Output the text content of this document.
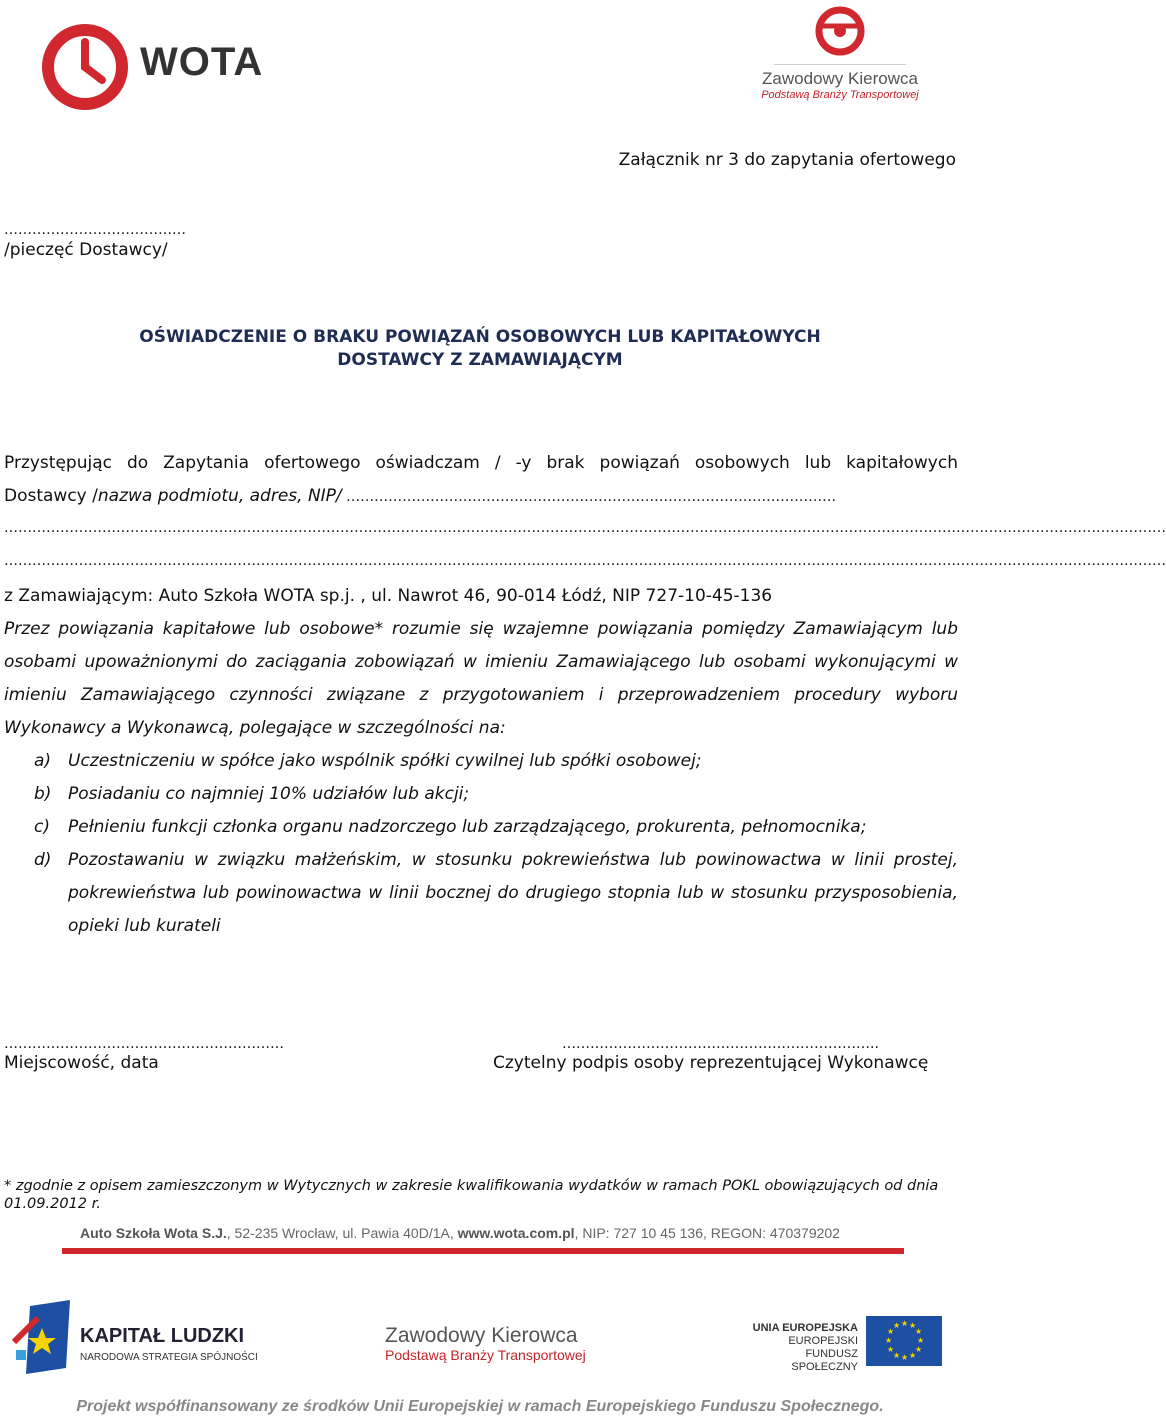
WOTA	Zawodowy Kierowca
Podstawą Branży Transportowej
Załącznik nr 3 do zapytania ofertowego
…………………………………
/pieczęć Dostawcy/
OŚWIADCZENIE O BRAKU POWIĄZAŃ OSOBOWYCH LUB KAPITAŁOWYCH
DOSTAWCY Z ZAMAWIAJĄCYM
Przystępując do Zapytania ofertowego oświadczam / -y brak powiązań osobowych lub kapitałowych
Dostawcy /nazwa podmiotu, adres, NIP/ ……………………………………………………………………………………………
……………………………………………………………………………………………………………………………………………………………………………………………………………………………
……………………………………………………………………………………………………………………………………………………………………………………………………………………………
z Zamawiającym: Auto Szkoła WOTA sp.j. , ul. Nawrot 46, 90-014 Łódź, NIP 727-10-45-136
Przez powiązania kapitałowe lub osobowe* rozumie się wzajemne powiązania pomiędzy Zamawiającym lub osobami upoważnionymi do zaciągania zobowiązań w imieniu Zamawiającego lub osobami wykonującymi w imieniu Zamawiającego czynności związane z przygotowaniem i przeprowadzeniem procedury wyboru Wykonawcy a Wykonawcą, polegające w szczególności na:
a) Uczestniczeniu w spółce jako wspólnik spółki cywilnej lub spółki osobowej;
b) Posiadaniu co najmniej 10% udziałów lub akcji;
c)	Pełnieniu funkcji członka organu nadzorczego lub zarządzającego, prokurenta, pełnomocnika;
d) Pozostawaniu w związku małżeńskim, w stosunku pokrewieństwa lub powinowactwa w linii prostej, pokrewieństwa lub powinowactwa w linii bocznej do drugiego stopnia lub w stosunku przysposobienia, opieki lub kurateli
……………………………………………………	…………………………………………………………..
Miejscowość, data	Czytelny podpis osoby reprezentującej Wykonawcę
* zgodnie z opisem zamieszczonym w Wytycznych w zakresie kwalifikowania wydatków w ramach POKL obowiązujących od dnia 01.09.2012 r.
Auto Szkoła Wota S.J., 52-235 Wrocław, ul. Pawia 40D/1A, www.wota.com.pl, NIP: 727 10 45 136, REGON: 470379202
KAPITAŁ LUDZKI
NARODOWA STRATEGIA SPÓJNOŚCI
Zawodowy Kierowca
Podstawą Branży Transportowej
UNIA EUROPEJSKA
EUROPEJSKI
FUNDUSZ SPOŁECZNY
★ ★
★
★
★
★
★
★
★
★
★
★
Projekt współfinansowany ze środków Unii Europejskiej w ramach Europejskiego Funduszu Społecznego.
